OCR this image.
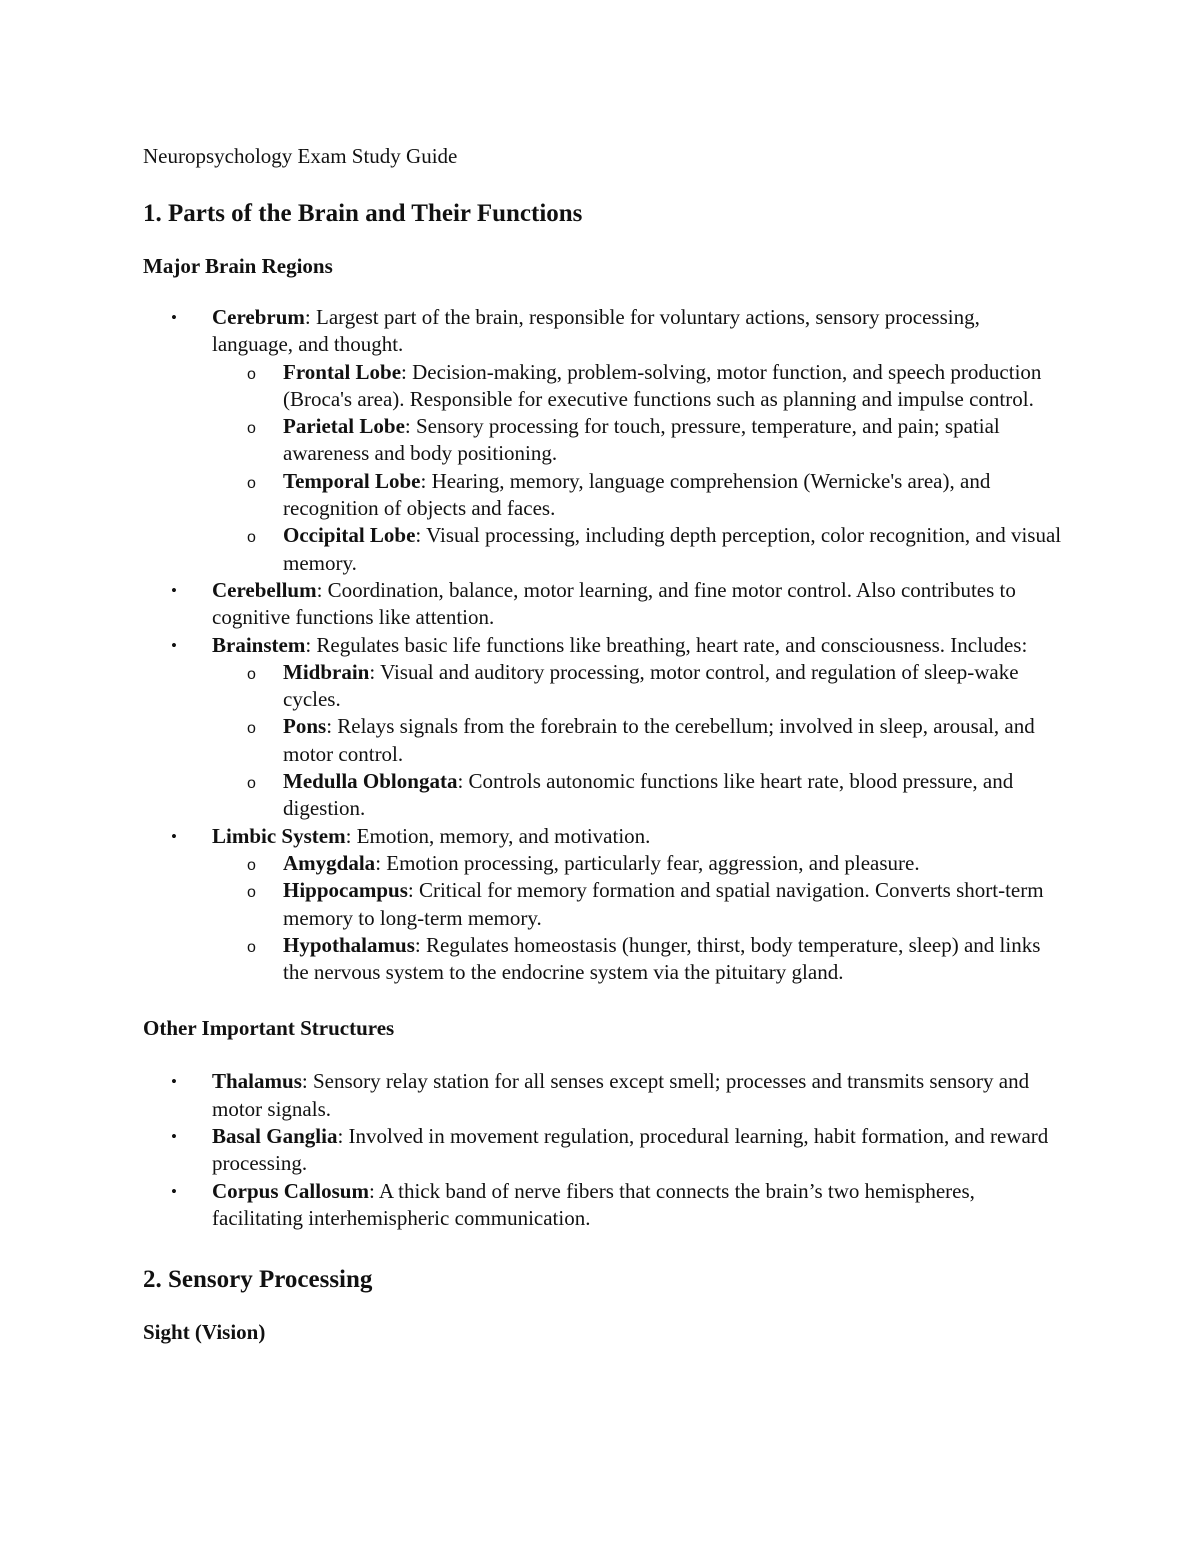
Neuropsychology Exam Study Guide

1. Parts of the Brain and Their Functions
Major Brain Regions
• Cerebrum: Largest part of the brain, responsible for voluntary actions, sensory processing, language, and thought.
o Frontal Lobe: Decision-making, problem-solving, motor function, and speech production (Broca's area). Responsible for executive functions such as planning and impulse control.
o Parietal Lobe: Sensory processing for touch, pressure, temperature, and pain; spatial awareness and body positioning.
o Temporal Lobe: Hearing, memory, language comprehension (Wernicke's area), and recognition of objects and faces.
o Occipital Lobe: Visual processing, including depth perception, color recognition, and visual memory.
• Cerebellum: Coordination, balance, motor learning, and fine motor control. Also contributes to cognitive functions like attention.
• Brainstem: Regulates basic life functions like breathing, heart rate, and consciousness. Includes:
o Midbrain: Visual and auditory processing, motor control, and regulation of sleep-wake cycles.
o Pons: Relays signals from the forebrain to the cerebellum; involved in sleep, arousal, and motor control.
o Medulla Oblongata: Controls autonomic functions like heart rate, blood pressure, and digestion.
• Limbic System: Emotion, memory, and motivation.
o Amygdala: Emotion processing, particularly fear, aggression, and pleasure.
o Hippocampus: Critical for memory formation and spatial navigation. Converts short-term memory to long-term memory.
o Hypothalamus: Regulates homeostasis (hunger, thirst, body temperature, sleep) and links the nervous system to the endocrine system via the pituitary gland.
Other Important Structures
• Thalamus: Sensory relay station for all senses except smell; processes and transmits sensory and motor signals.
• Basal Ganglia: Involved in movement regulation, procedural learning, habit formation, and reward processing.
• Corpus Callosum: A thick band of nerve fibers that connects the brain’s two hemispheres, facilitating interhemispheric communication.
2. Sensory Processing
Sight (Vision)
